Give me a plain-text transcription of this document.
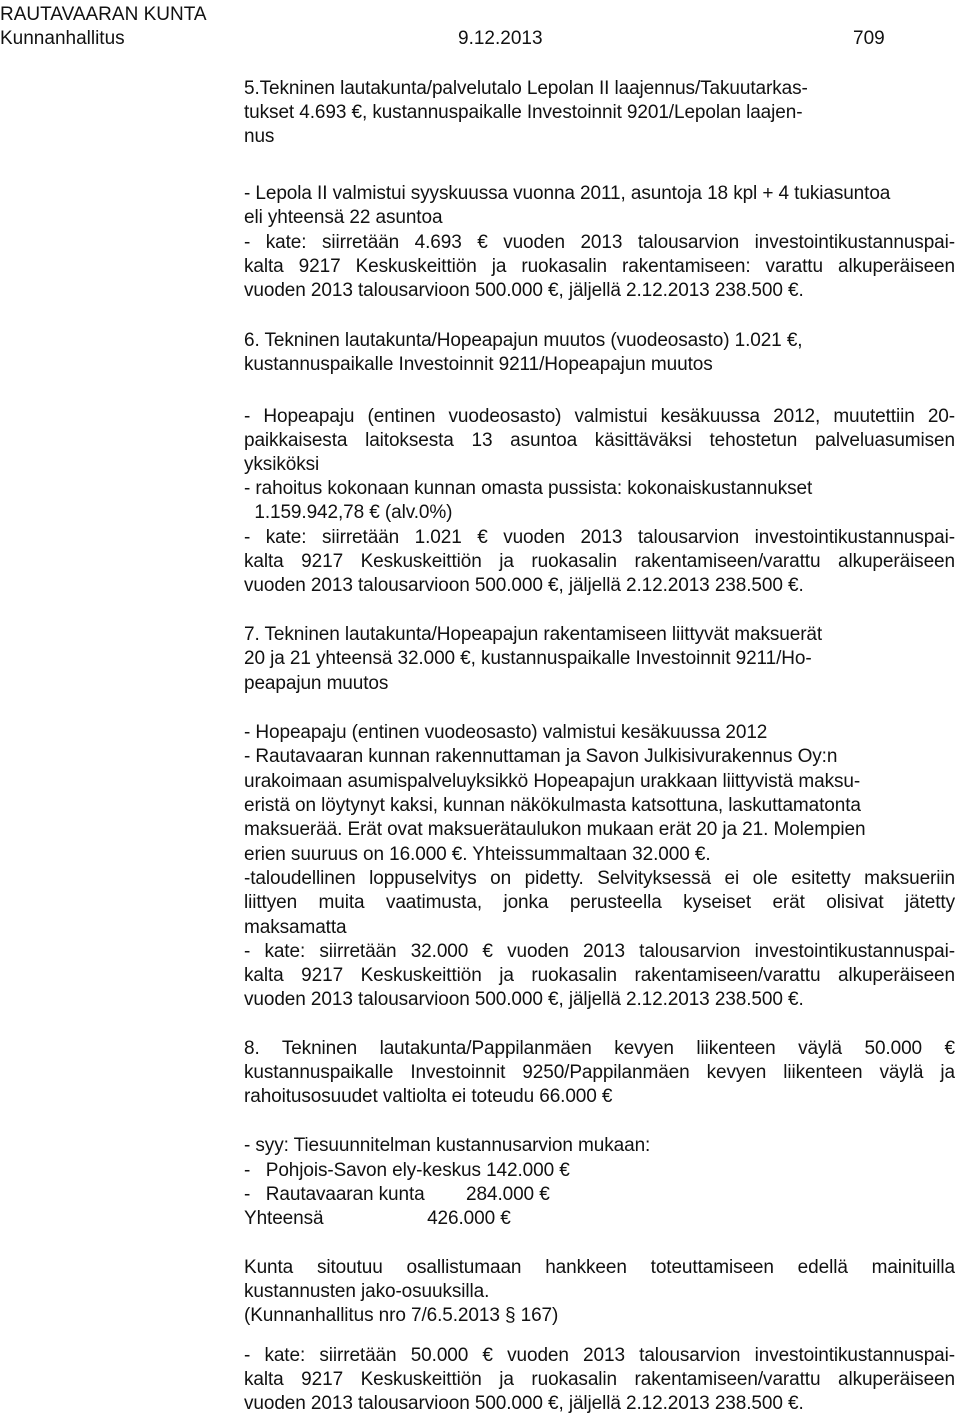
RAUTAVAARAN KUNTA
Kunnanhallitus	9.12.2013	709
5.Tekninen lautakunta/palvelutalo Lepolan II laajennus/Takuutarkas-
tukset 4.693 €, kustannuspaikalle Investoinnit 9201/Lepolan laajen-
nus
- Lepola II valmistui syyskuussa vuonna 2011, asuntoja 18 kpl + 4 tukiasuntoa
eli yhteensä 22 asuntoa
- kate: siirretään 4.693 € vuoden 2013 talousarvion investointikustannuspai-
kalta 9217 Keskuskeittiön ja ruokasalin rakentamiseen: varattu alkuperäiseen
vuoden 2013 talousarvioon 500.000 €, jäljellä 2.12.2013 238.500 €.
6. Tekninen lautakunta/Hopeapajun muutos (vuodeosasto) 1.021 €,
kustannuspaikalle Investoinnit 9211/Hopeapajun muutos
- Hopeapaju (entinen vuodeosasto) valmistui kesäkuussa 2012, muutettiin 20-
paikkaisesta laitoksesta 13 asuntoa käsittäväksi tehostetun palveluasumisen
yksiköksi
- rahoitus kokonaan kunnan omasta pussista: kokonaiskustannukset
1.159.942,78 € (alv.0%)
- kate: siirretään 1.021 € vuoden 2013 talousarvion investointikustannuspai-
kalta 9217 Keskuskeittiön ja ruokasalin rakentamiseen/varattu alkuperäiseen
vuoden 2013 talousarvioon 500.000 €, jäljellä 2.12.2013 238.500 €.
7. Tekninen lautakunta/Hopeapajun rakentamiseen liittyvät maksuerät
20 ja 21 yhteensä 32.000 €, kustannuspaikalle Investoinnit 9211/Ho-
peapajun muutos
- Hopeapaju (entinen vuodeosasto) valmistui kesäkuussa 2012
- Rautavaaran kunnan rakennuttaman ja Savon Julkisivurakennus Oy:n
urakoimaan asumispalveluyksikkö Hopeapajun urakkaan liittyvistä maksu-
eristä on löytynyt kaksi, kunnan näkökulmasta katsottuna, laskuttamatonta
maksuerää. Erät ovat maksuerätaulukon mukaan erät 20 ja 21. Molempien
erien suuruus on 16.000 €. Yhteissummaltaan 32.000 €.
-taloudellinen loppuselvitys on pidetty. Selvityksessä ei ole esitetty maksueriin
liittyen muita vaatimusta, jonka perusteella kyseiset erät olisivat jätetty
maksamatta
- kate: siirretään 32.000 € vuoden 2013 talousarvion investointikustannuspai-
kalta 9217 Keskuskeittiön ja ruokasalin rakentamiseen/varattu alkuperäiseen
vuoden 2013 talousarvioon 500.000 €, jäljellä 2.12.2013 238.500 €.
8. Tekninen lautakunta/Pappilanmäen kevyen liikenteen väylä 50.000 €
kustannuspaikalle Investoinnit 9250/Pappilanmäen kevyen liikenteen väylä ja
rahoitusosuudet valtiolta ei toteudu 66.000 €
- syy: Tiesuunnitelman kustannusarvion mukaan:
-   Pohjois-Savon ely-keskus 142.000 €
-   Rautavaaran kunta        284.000 €
Yhteensä                    426.000 €
Kunta sitoutuu osallistumaan hankkeen toteuttamiseen edellä mainituilla
kustannusten jako-osuuksilla.
(Kunnanhallitus nro 7/6.5.2013 § 167)
- kate: siirretään 50.000 € vuoden 2013 talousarvion investointikustannuspai-
kalta 9217 Keskuskeittiön ja ruokasalin rakentamiseen/varattu alkuperäiseen
vuoden 2013 talousarvioon 500.000 €, jäljellä 2.12.2013 238.500 €.
